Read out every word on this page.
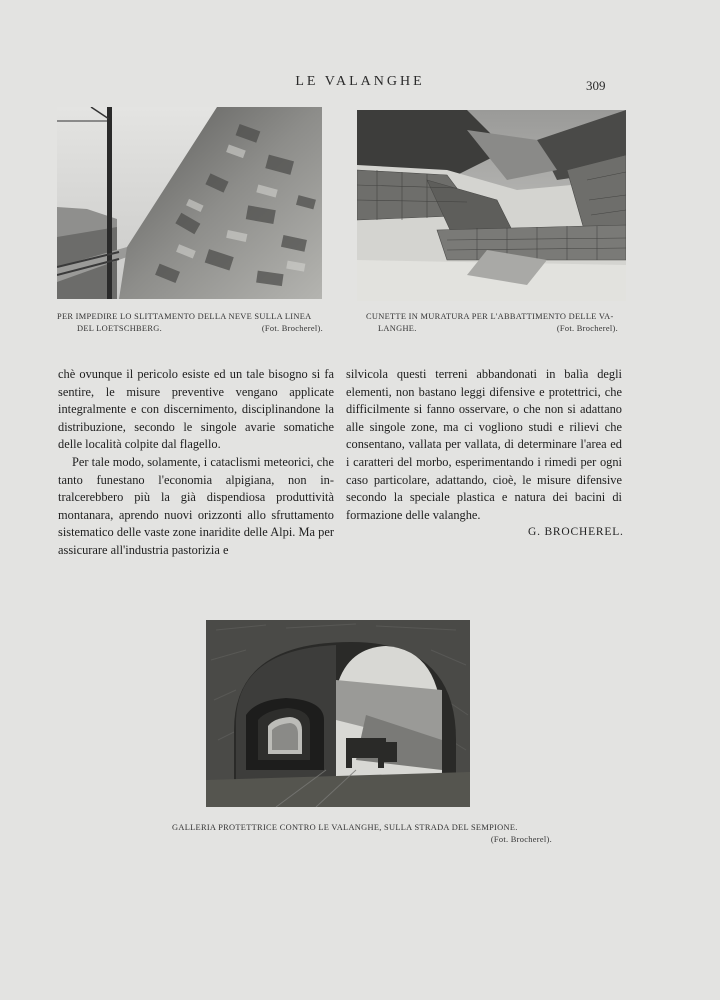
LE VALANGHE	309
PER IMPEDIRE LO SLITTAMENTO DELLA NEVE SULLA LINEA
DEL LOETSCHBERG.	(Fot. Brocherel).
CUNETTE IN MURATURA PER L'ABBATTIMENTO DELLE VA-
LANGHE.	(Fot. Brocherel).

chè ovunque il pericolo esiste ed un tale bisogno si fa sentire, le misure preventive vengano applicate integralmente e con discernimento, disciplinandone la distribuzione, secondo le singole avarie somatiche delle località colpite dal flagello.

Per tale modo, solamente, i cataclismi meteorici, che tanto funestano l'economia alpigiana, non intralcerebbero più la già dispendiosa produttività montanara, aprendo nuovi orizzonti allo sfruttamento sistematico delle vaste zone inaridite delle Alpi. Ma per assicurare all'industria pastorizia e

silvicola questi terreni abbandonati in balìa degli elementi, non bastano leggi difensive e protettrici, che difficilmente si fanno osservare, o che non si adattano alle singole zone, ma ci vogliono studi e rilievi che consentano, vallata per vallata, di determinare l'area ed i caratteri del morbo, esperimentando i rimedi per ogni caso particolare, adattando, cioè, le misure difensive secondo la speciale plastica e natura dei bacini di formazione delle valanghe.

G. BROCHEREL.
GALLERIA PROTETTRICE CONTRO LE VALANGHE, SULLA STRADA DEL SEMPIONE.
(Fot. Brocherel).
